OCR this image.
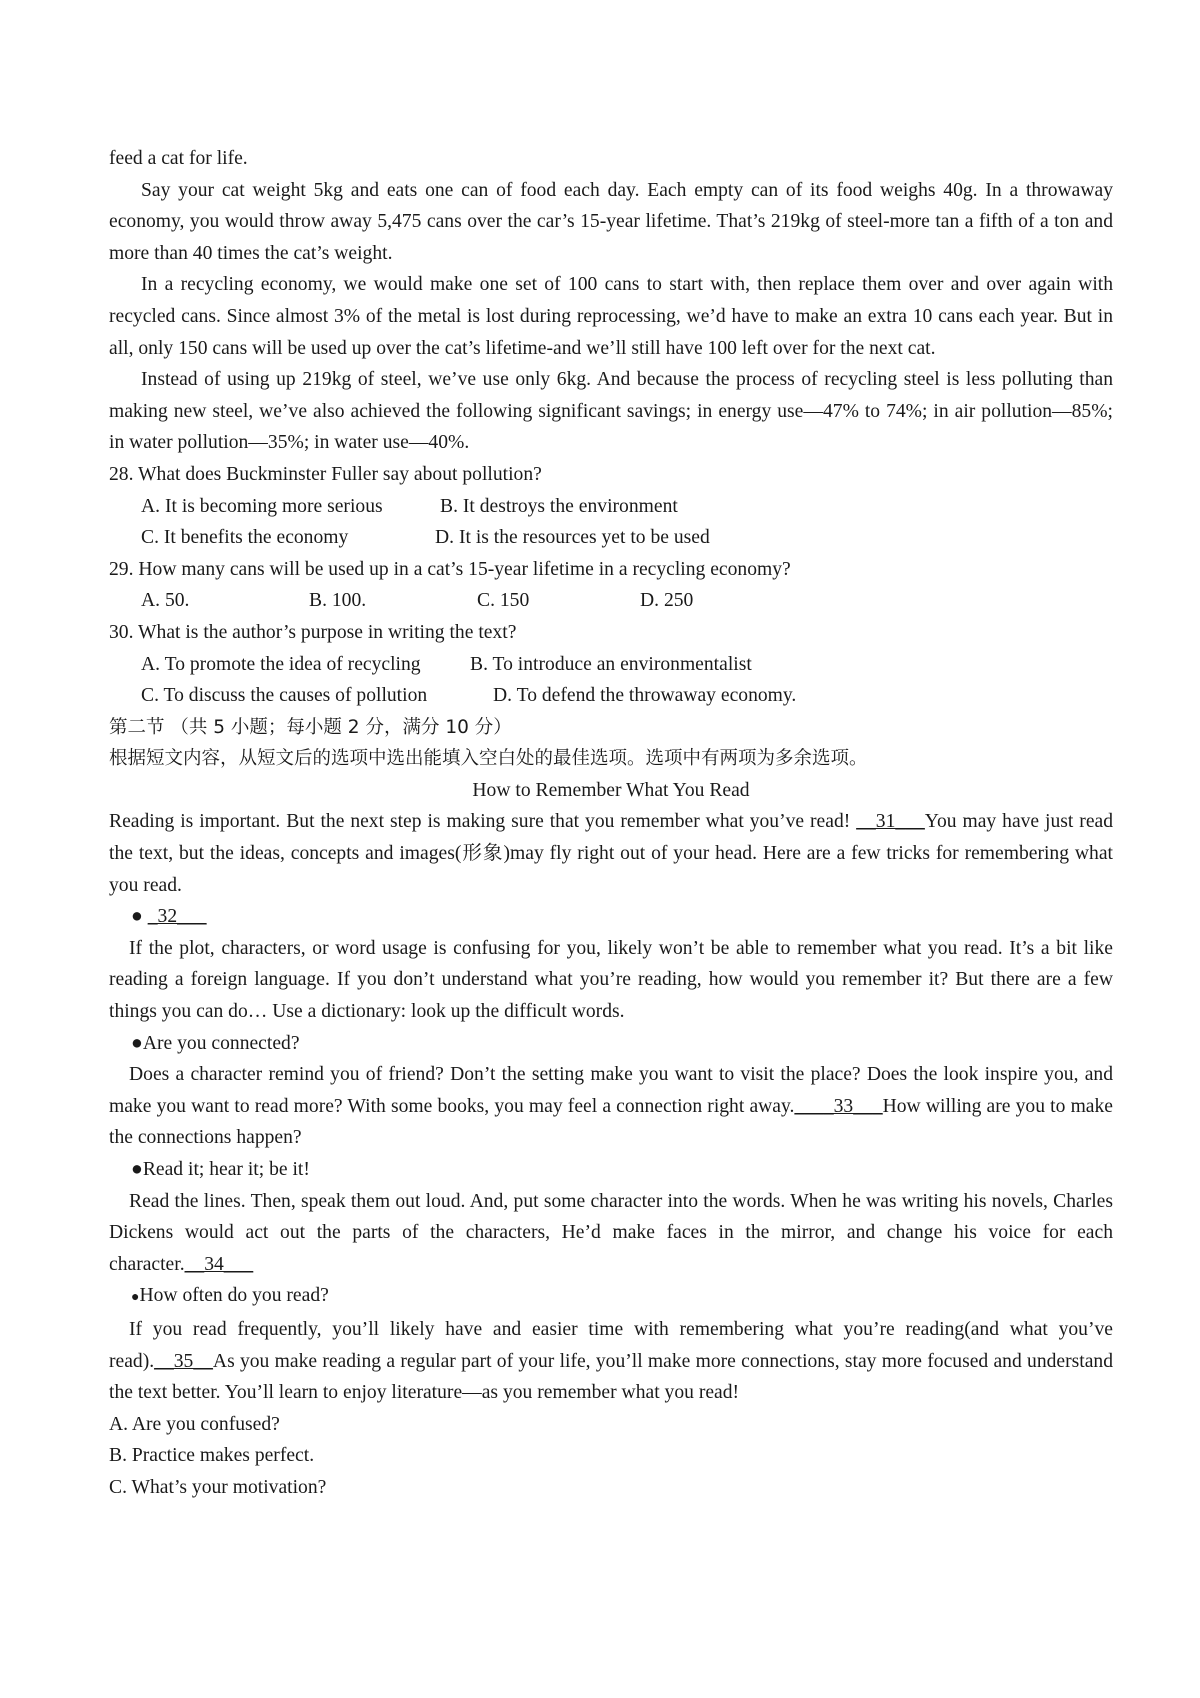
feed a cat for life.

Say your cat weight 5kg and eats one can of food each day. Each empty can of its food weighs 40g. In a throwaway economy, you would throw away 5,475 cans over the car’s 15-year lifetime. That’s 219kg of steel-more tan a fifth of a ton and more than 40 times the cat’s weight.

In a recycling economy, we would make one set of 100 cans to start with, then replace them over and over again with recycled cans. Since almost 3% of the metal is lost during reprocessing, we’d have to make an extra 10 cans each year. But in all, only 150 cans will be used up over the cat’s lifetime-and we’ll still have 100 left over for the next cat.

Instead of using up 219kg of steel, we’ve use only 6kg. And because the process of recycling steel is less polluting than making new steel, we’ve also achieved the following significant savings; in energy use—47% to 74%; in air pollution—85%; in water pollution—35%; in water use—40%.

28. What does Buckminster Fuller say about pollution?

A. It is becoming more serious	B. It destroys the environment
C. It benefits the economy	D. It is the resources yet to be used

29. How many cans will be used up in a cat’s 15-year lifetime in a recycling economy?

A. 50.	B. 100.	C. 150	D. 250

30. What is the author’s purpose in writing the text?

A. To promote the idea of recycling	B. To introduce an environmentalist
C. To discuss the causes of pollution	D. To defend the throwaway economy.

第二节 （共 5 小题；每小题 2 分，满分 10 分）

根据短文内容，从短文后的选项中选出能填入空白处的最佳选项。选项中有两项为多余选项。

How to Remember What You Read

Reading is important. But the next step is making sure that you remember what you’ve read! __31___You may have just read the text, but the ideas, concepts and images(形象)may fly right out of your head. Here are a few tricks for remembering what you read.

● _32___

If the plot, characters, or word usage is confusing for you, likely won’t be able to remember what you read. It’s a bit like reading a foreign language. If you don’t understand what you’re reading, how would you remember it? But there are a few things you can do… Use a dictionary: look up the difficult words.

●Are you connected?

Does a character remind you of friend? Don’t the setting make you want to visit the place? Does the look inspire you, and make you want to read more? With some books, you may feel a connection right away.____33___How willing are you to make the connections happen?

●Read it; hear it; be it!

Read the lines. Then, speak them out loud. And, put some character into the words. When he was writing his novels, Charles Dickens would act out the parts of the characters, He’d make faces in the mirror, and change his voice for each character.__34___

●How often do you read?

If you read frequently, you’ll likely have and easier time with remembering what you’re reading(and what you’ve read).__35__As you make reading a regular part of your life, you’ll make more connections, stay more focused and understand the text better. You’ll learn to enjoy literature—as you remember what you read!

A. Are you confused?

B. Practice makes perfect.

C. What’s your motivation?
